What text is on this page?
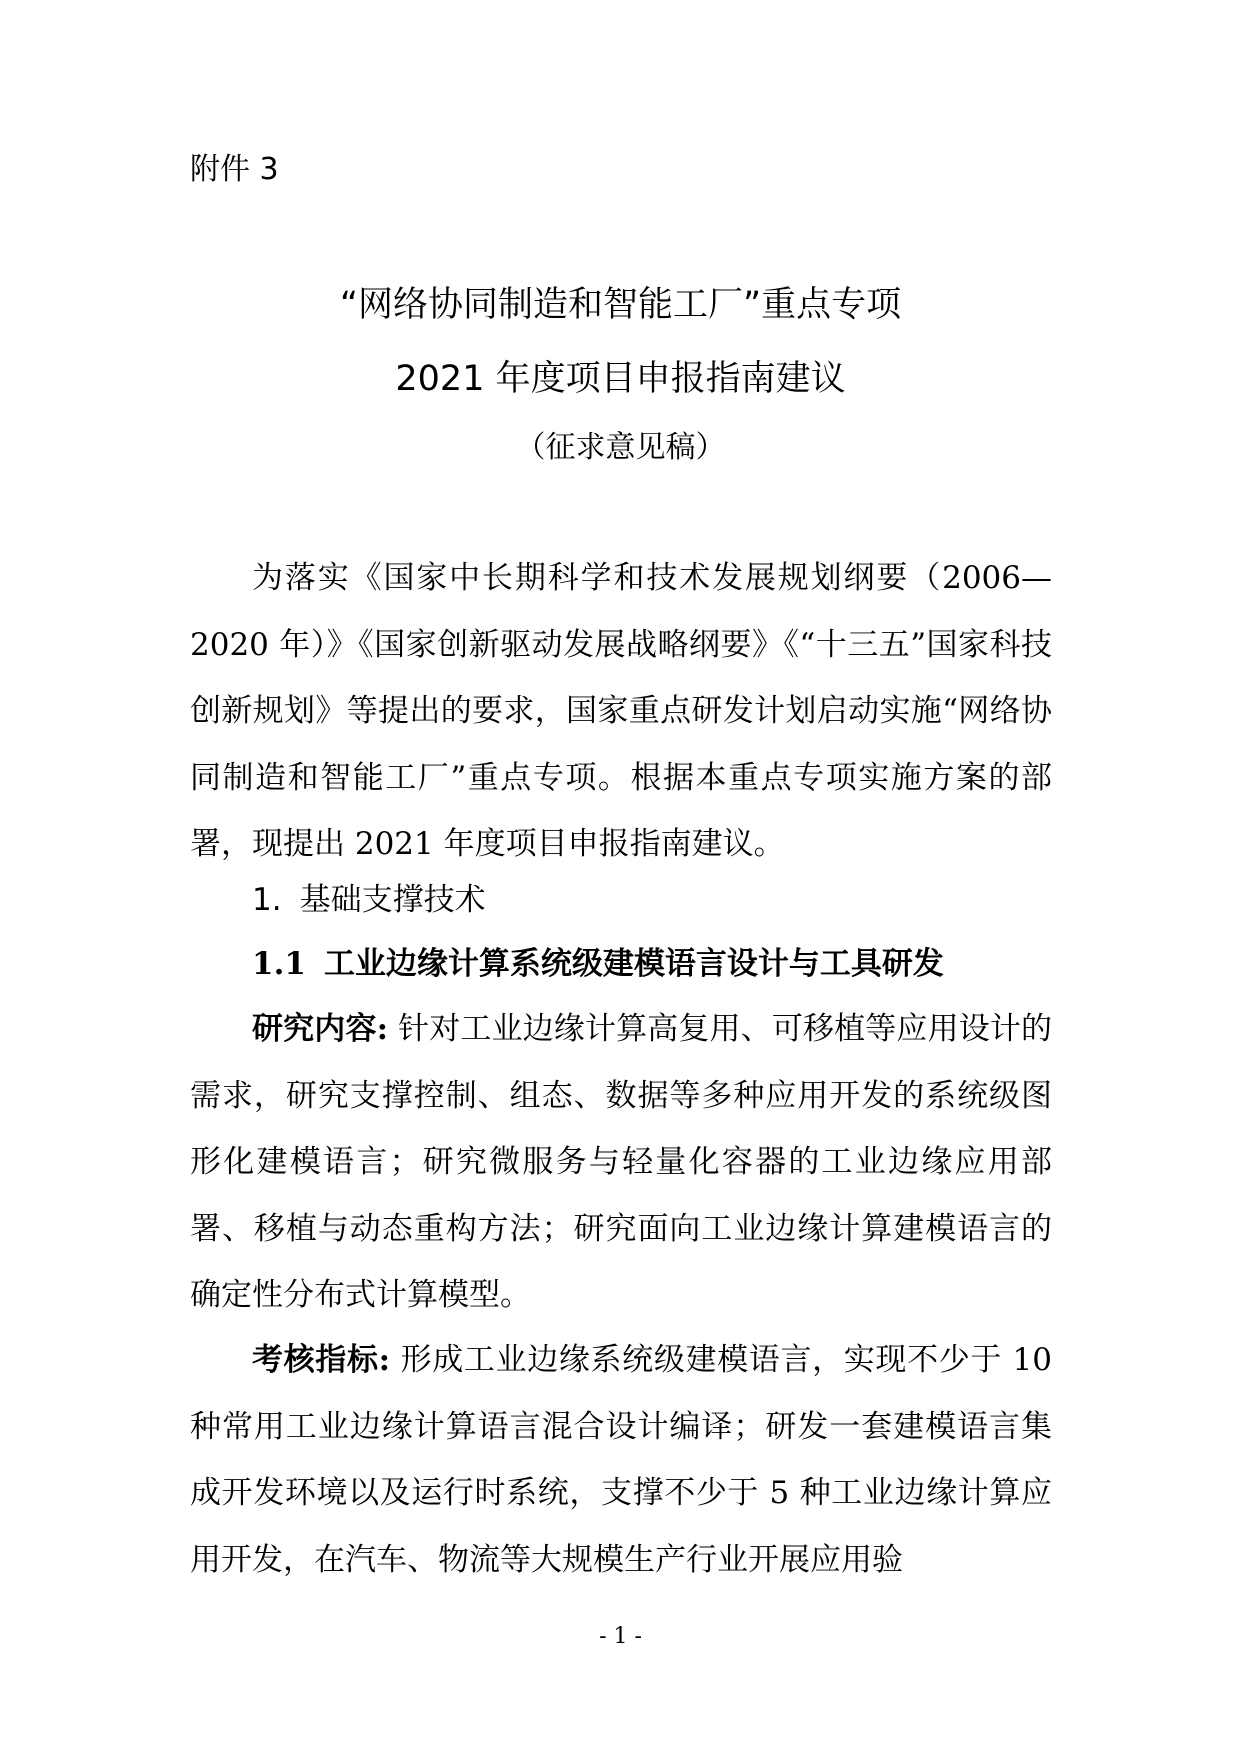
附件 3
“网络协同制造和智能工厂”重点专项
2021 年度项目申报指南建议
（征求意见稿）

为落实《国家中长期科学和技术发展规划纲要（2006—2020 年）》《国家创新驱动发展战略纲要》《“十三五”国家科技创新规划》等提出的要求，国家重点研发计划启动实施“网络协同制造和智能工厂”重点专项。根据本重点专项实施方案的部署，现提出 2021 年度项目申报指南建议。

1. 基础支撑技术
1.1 工业边缘计算系统级建模语言设计与工具研发

研究内容: 针对工业边缘计算高复用、可移植等应用设计的需求，研究支撑控制、组态、数据等多种应用开发的系统级图形化建模语言；研究微服务与轻量化容器的工业边缘应用部署、移植与动态重构方法；研究面向工业边缘计算建模语言的确定性分布式计算模型。

考核指标: 形成工业边缘系统级建模语言，实现不少于 10 种常用工业边缘计算语言混合设计编译；研发一套建模语言集成开发环境以及运行时系统，支撑不少于 5 种工业边缘计算应用开发，在汽车、物流等大规模生产行业开展应用验

- 1 -
